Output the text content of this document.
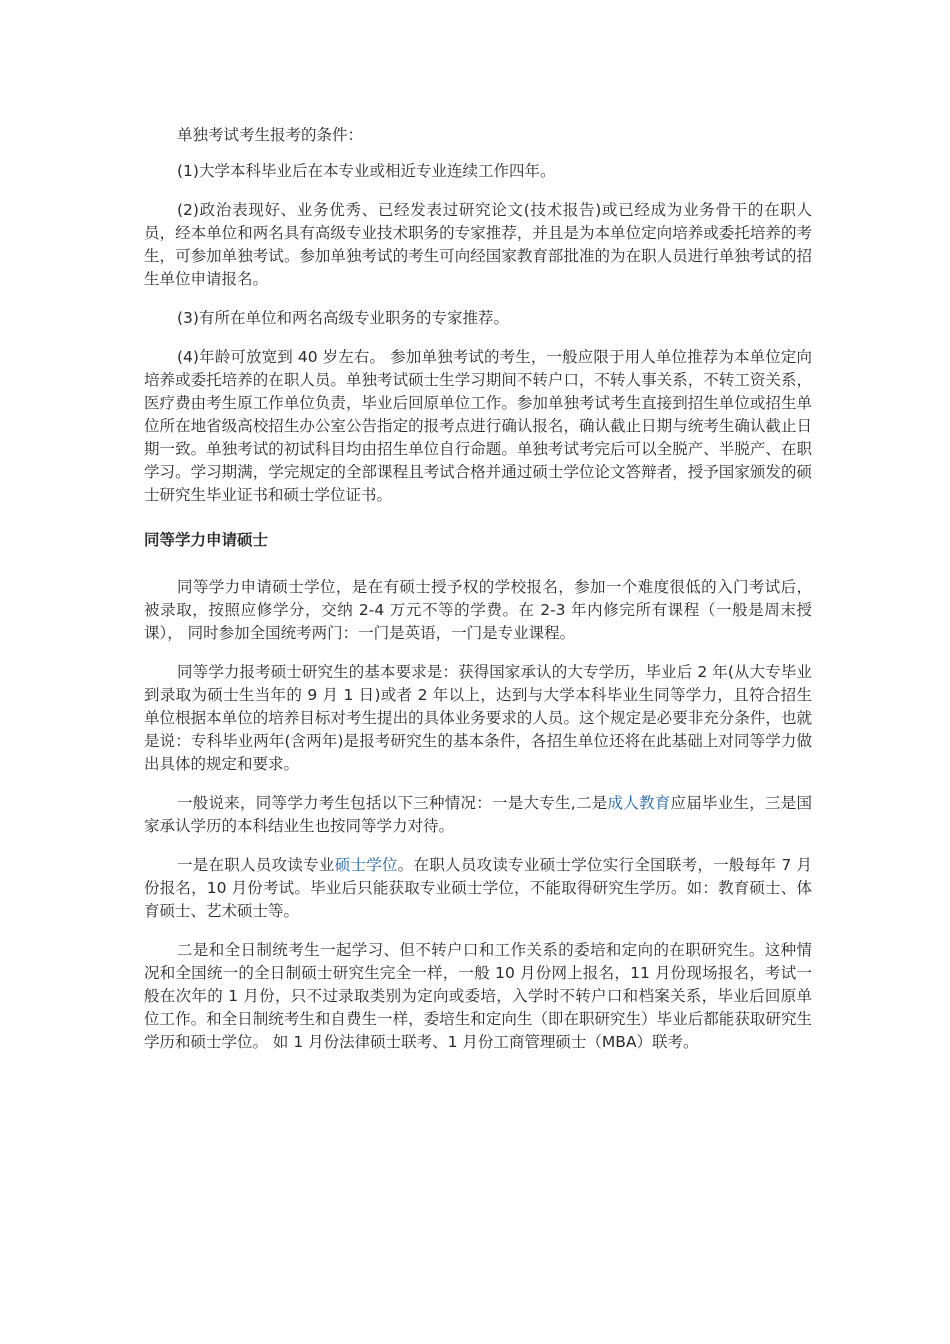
单独考试考生报考的条件：

(1)大学本科毕业后在本专业或相近专业连续工作四年。

(2)政治表现好、业务优秀、已经发表过研究论文(技术报告)或已经成为业务骨干的在职人员，经本单位和两名具有高级专业技术职务的专家推荐，并且是为本单位定向培养或委托培养的考生，可参加单独考试。参加单独考试的考生可向经国家教育部批准的为在职人员进行单独考试的招生单位申请报名。

(3)有所在单位和两名高级专业职务的专家推荐。

(4)年龄可放宽到 40 岁左右。 参加单独考试的考生，一般应限于用人单位推荐为本单位定向培养或委托培养的在职人员。单独考试硕士生学习期间不转户口，不转人事关系，不转工资关系，医疗费由考生原工作单位负责，毕业后回原单位工作。参加单独考试考生直接到招生单位或招生单位所在地省级高校招生办公室公告指定的报考点进行确认报名，确认截止日期与统考生确认截止日期一致。单独考试的初试科目均由招生单位自行命题。单独考试考完后可以全脱产、半脱产、在职学习。学习期满，学完规定的全部课程且考试合格并通过硕士学位论文答辩者，授予国家颁发的硕士研究生毕业证书和硕士学位证书。

同等学力申请硕士

同等学力申请硕士学位，是在有硕士授予权的学校报名，参加一个难度很低的入门考试后，被录取，按照应修学分，交纳 2-4 万元不等的学费。在 2-3 年内修完所有课程（一般是周末授课）， 同时参加全国统考两门：一门是英语，一门是专业课程。

同等学力报考硕士研究生的基本要求是：获得国家承认的大专学历，毕业后 2 年(从大专毕业到录取为硕士生当年的 9 月 1 日)或者 2 年以上，达到与大学本科毕业生同等学力，且符合招生单位根据本单位的培养目标对考生提出的具体业务要求的人员。这个规定是必要非充分条件，也就是说：专科毕业两年(含两年)是报考研究生的基本条件，各招生单位还将在此基础上对同等学力做出具体的规定和要求。

一般说来，同等学力考生包括以下三种情况：一是大专生,二是成人教育应届毕业生，三是国家承认学历的本科结业生也按同等学力对待。

一是在职人员攻读专业硕士学位。在职人员攻读专业硕士学位实行全国联考，一般每年 7 月份报名，10 月份考试。毕业后只能获取专业硕士学位，不能取得研究生学历。如：教育硕士、体育硕士、艺术硕士等。

二是和全日制统考生一起学习、但不转户口和工作关系的委培和定向的在职研究生。这种情况和全国统一的全日制硕士研究生完全一样，一般 10 月份网上报名，11 月份现场报名，考试一般在次年的 1 月份，只不过录取类别为定向或委培，入学时不转户口和档案关系，毕业后回原单位工作。和全日制统考生和自费生一样，委培生和定向生（即在职研究生）毕业后都能获取研究生学历和硕士学位。 如 1 月份法律硕士联考、1 月份工商管理硕士（MBA）联考。
